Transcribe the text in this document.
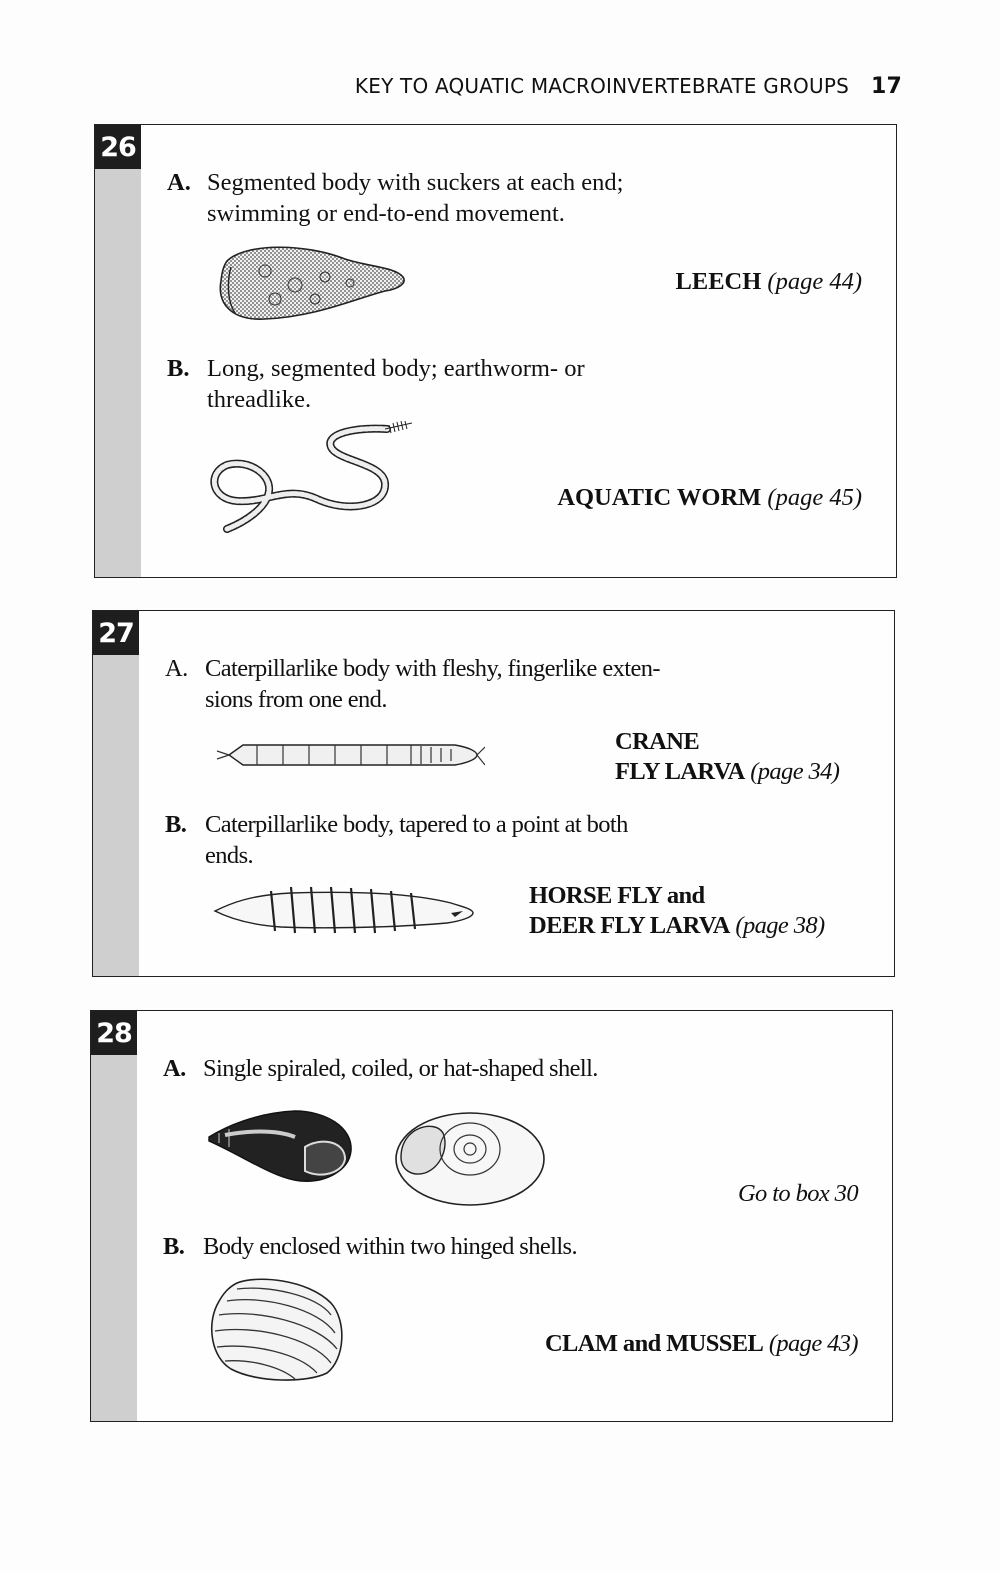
KEY TO AQUATIC MACROINVERTEBRATE GROUPS 17
26
A. Segmented body with suckers at each end;
swimming or end-to-end movement.
LEECH (page 44)
B. Long, segmented body; earthworm- or
threadlike.
AQUATIC WORM (page 45)
27
A. Caterpillarlike body with fleshy, fingerlike exten-
sions from one end.
CRANE
FLY LARVA (page 34)
B. Caterpillarlike body, tapered to a point at both
ends.
HORSE FLY and
DEER FLY LARVA (page 38)
28
A. Single spiraled, coiled, or hat-shaped shell.
Go to box 30
B. Body enclosed within two hinged shells.
CLAM and MUSSEL (page 43)
